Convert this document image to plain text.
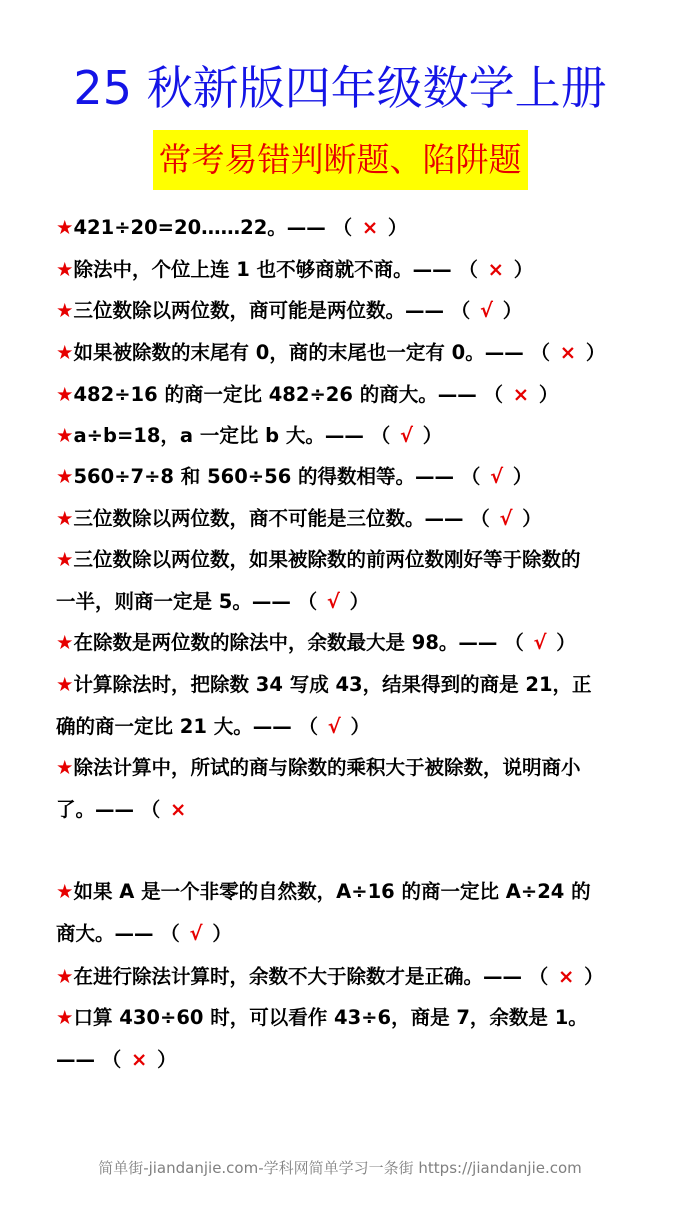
25 秋新版四年级数学上册
常考易错判断题、陷阱题
★421÷20=20……22。—— （  ×  ）
★除法中，个位上连 1 也不够商就不商。—— （  ×  ）
★三位数除以两位数，商可能是两位数。—— （  √  ）
★如果被除数的末尾有 0，商的末尾也一定有 0。—— （  ×  ）
★482÷16 的商一定比 482÷26 的商大。—— （  ×  ）
★a÷b=18，a 一定比 b 大。—— （  √  ）
★560÷7÷8 和 560÷56 的得数相等。—— （  √  ）
★三位数除以两位数，商不可能是三位数。—— （  √  ）
★三位数除以两位数，如果被除数的前两位数刚好等于除数的
一半，则商一定是 5。—— （  √  ）
★在除数是两位数的除法中，余数最大是 98。—— （  √  ）
★计算除法时，把除数 34 写成 43，结果得到的商是 21，正
确的商一定比 21 大。—— （  √  ）
★除法计算中，所试的商与除数的乘积大于被除数，说明商小
了。—— （  × 
★如果 A 是一个非零的自然数，A÷16 的商一定比 A÷24 的
商大。—— （  √  ）
★在进行除法计算时，余数不大于除数才是正确。—— （  ×  ）
★口算 430÷60 时，可以看作 43÷6，商是 7，余数是 1。
—— （  ×  ）
简单街-jiandanjie.com-学科网简单学习一条街 https://jiandanjie.com
